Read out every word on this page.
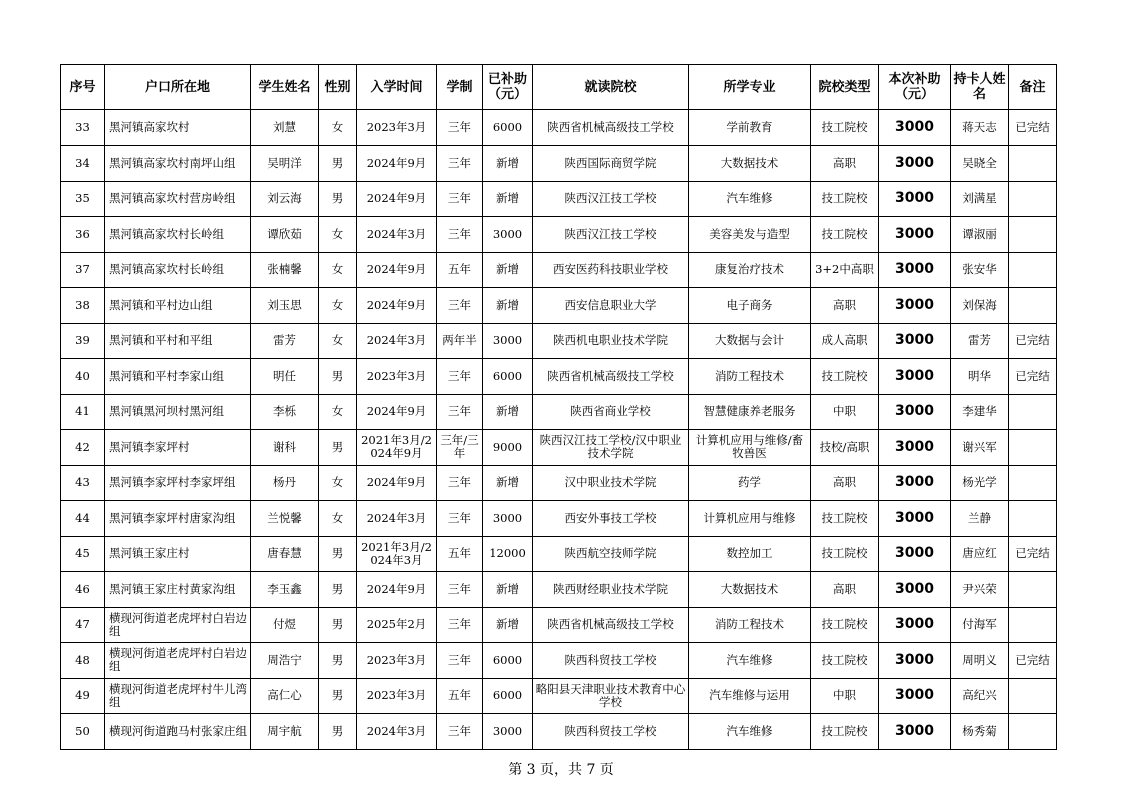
序号	户口所在地	学生姓名	性别	入学时间	学制	已补助（元）	就读院校	所学专业	院校类型	本次补助（元）	持卡人姓名	备注
33	黑河镇高家坎村	刘慧	女	2023年3月	三年	6000	陕西省机械高级技工学校	学前教育	技工院校	3000	蒋天志	已完结
34	黑河镇高家坎村南坪山组	吴明洋	男	2024年9月	三年	新增	陕西国际商贸学院	大数据技术	高职	3000	吴晓全	
35	黑河镇高家坎村营房岭组	刘云海	男	2024年9月	三年	新增	陕西汉江技工学校	汽车维修	技工院校	3000	刘满星	
36	黑河镇高家坎村长岭组	谭欣茹	女	2024年3月	三年	3000	陕西汉江技工学校	美容美发与造型	技工院校	3000	谭淑丽	
37	黑河镇高家坎村长岭组	张楠馨	女	2024年9月	五年	新增	西安医药科技职业学校	康复治疗技术	3+2中高职	3000	张安华	
38	黑河镇和平村边山组	刘玉思	女	2024年9月	三年	新增	西安信息职业大学	电子商务	高职	3000	刘保海	
39	黑河镇和平村和平组	雷芳	女	2024年3月	两年半	3000	陕西机电职业技术学院	大数据与会计	成人高职	3000	雷芳	已完结
40	黑河镇和平村李家山组	明任	男	2023年3月	三年	6000	陕西省机械高级技工学校	消防工程技术	技工院校	3000	明华	已完结
41	黑河镇黑河坝村黑河组	李栎	女	2024年9月	三年	新增	陕西省商业学校	智慧健康养老服务	中职	3000	李建华	
42	黑河镇李家坪村	谢科	男	2021年3月/2024年9月	三年/三年	9000	陕西汉江技工学校/汉中职业技术学院	计算机应用与维修/畜牧兽医	技校/高职	3000	谢兴军	
43	黑河镇李家坪村李家坪组	杨丹	女	2024年9月	三年	新增	汉中职业技术学院	药学	高职	3000	杨光学	
44	黑河镇李家坪村唐家沟组	兰悦馨	女	2024年3月	三年	3000	西安外事技工学校	计算机应用与维修	技工院校	3000	兰静	
45	黑河镇王家庄村	唐春慧	男	2021年3月/2024年3月	五年	12000	陕西航空技师学院	数控加工	技工院校	3000	唐应红	已完结
46	黑河镇王家庄村黄家沟组	李玉鑫	男	2024年9月	三年	新增	陕西财经职业技术学院	大数据技术	高职	3000	尹兴荣	
47	横现河街道老虎坪村白岩边组	付煜	男	2025年2月	三年	新增	陕西省机械高级技工学校	消防工程技术	技工院校	3000	付海军	
48	横现河街道老虎坪村白岩边组	周浩宁	男	2023年3月	三年	6000	陕西科贸技工学校	汽车维修	技工院校	3000	周明义	已完结
49	横现河街道老虎坪村牛儿湾组	高仁心	男	2023年3月	五年	6000	略阳县天津职业技术教育中心学校	汽车维修与运用	中职	3000	高纪兴	
50	横现河街道跑马村张家庄组	周宇航	男	2024年3月	三年	3000	陕西科贸技工学校	汽车维修	技工院校	3000	杨秀菊	
第 3 页，共 7 页
